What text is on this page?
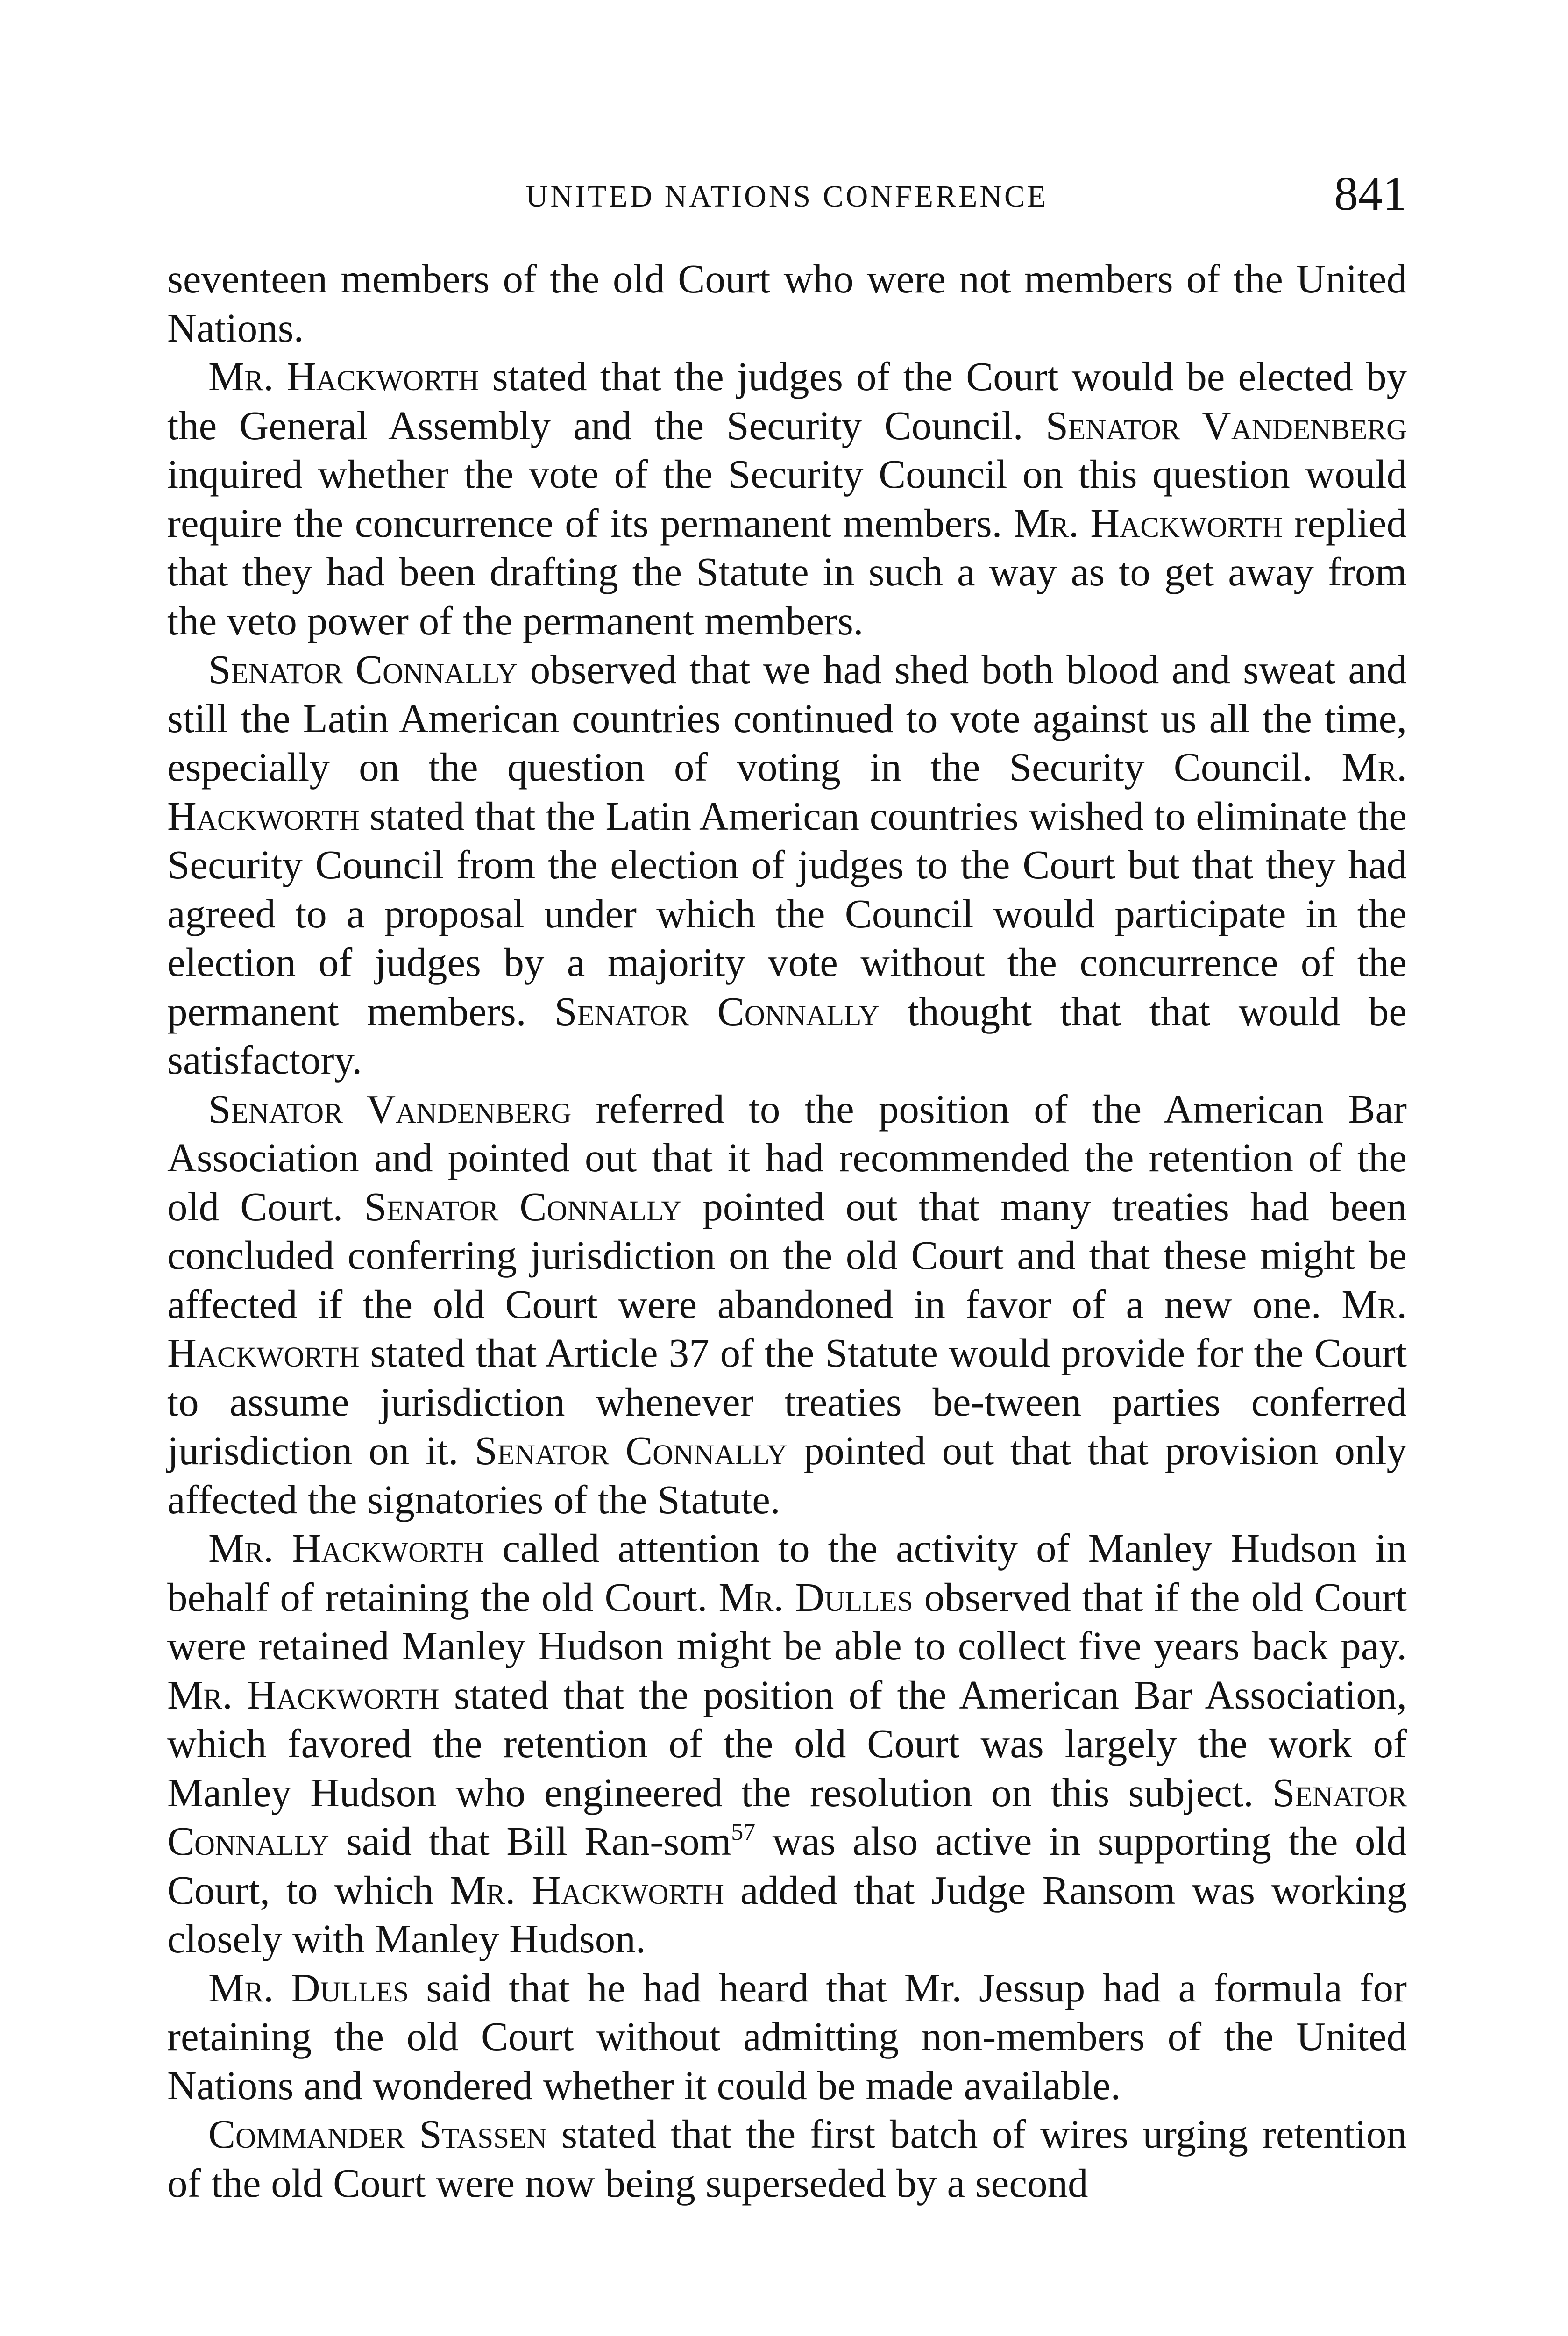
UNITED NATIONS CONFERENCE	841

seventeen members of the old Court who were not members of the United Nations.

Mr. Hackworth stated that the judges of the Court would be elected by the General Assembly and the Security Council. Senator Vandenberg inquired whether the vote of the Security Council on this question would require the concurrence of its permanent members. Mr. Hackworth replied that they had been drafting the Statute in such a way as to get away from the veto power of the permanent members.

Senator Connally observed that we had shed both blood and sweat and still the Latin American countries continued to vote against us all the time, especially on the question of voting in the Security Council. Mr. Hackworth stated that the Latin American countries wished to eliminate the Security Council from the election of judges to the Court but that they had agreed to a proposal under which the Council would participate in the election of judges by a majority vote without the concurrence of the permanent members. Senator Connally thought that that would be satisfactory.

Senator Vandenberg referred to the position of the American Bar Association and pointed out that it had recommended the retention of the old Court. Senator Connally pointed out that many treaties had been concluded conferring jurisdiction on the old Court and that these might be affected if the old Court were abandoned in favor of a new one. Mr. Hackworth stated that Article 37 of the Statute would provide for the Court to assume jurisdiction whenever treaties be-tween parties conferred jurisdiction on it. Senator Connally pointed out that that provision only affected the signatories of the Statute.

Mr. Hackworth called attention to the activity of Manley Hudson in behalf of retaining the old Court. Mr. Dulles observed that if the old Court were retained Manley Hudson might be able to collect five years back pay. Mr. Hackworth stated that the position of the American Bar Association, which favored the retention of the old Court was largely the work of Manley Hudson who engineered the resolution on this subject. Senator Connally said that Bill Ran-som$^{57}$ was also active in supporting the old Court, to which Mr. Hackworth added that Judge Ransom was working closely with Manley Hudson.

Mr. Dulles said that he had heard that Mr. Jessup had a formula for retaining the old Court without admitting non-members of the United Nations and wondered whether it could be made available.

Commander Stassen stated that the first batch of wires urging retention of the old Court were now being superseded by a second
